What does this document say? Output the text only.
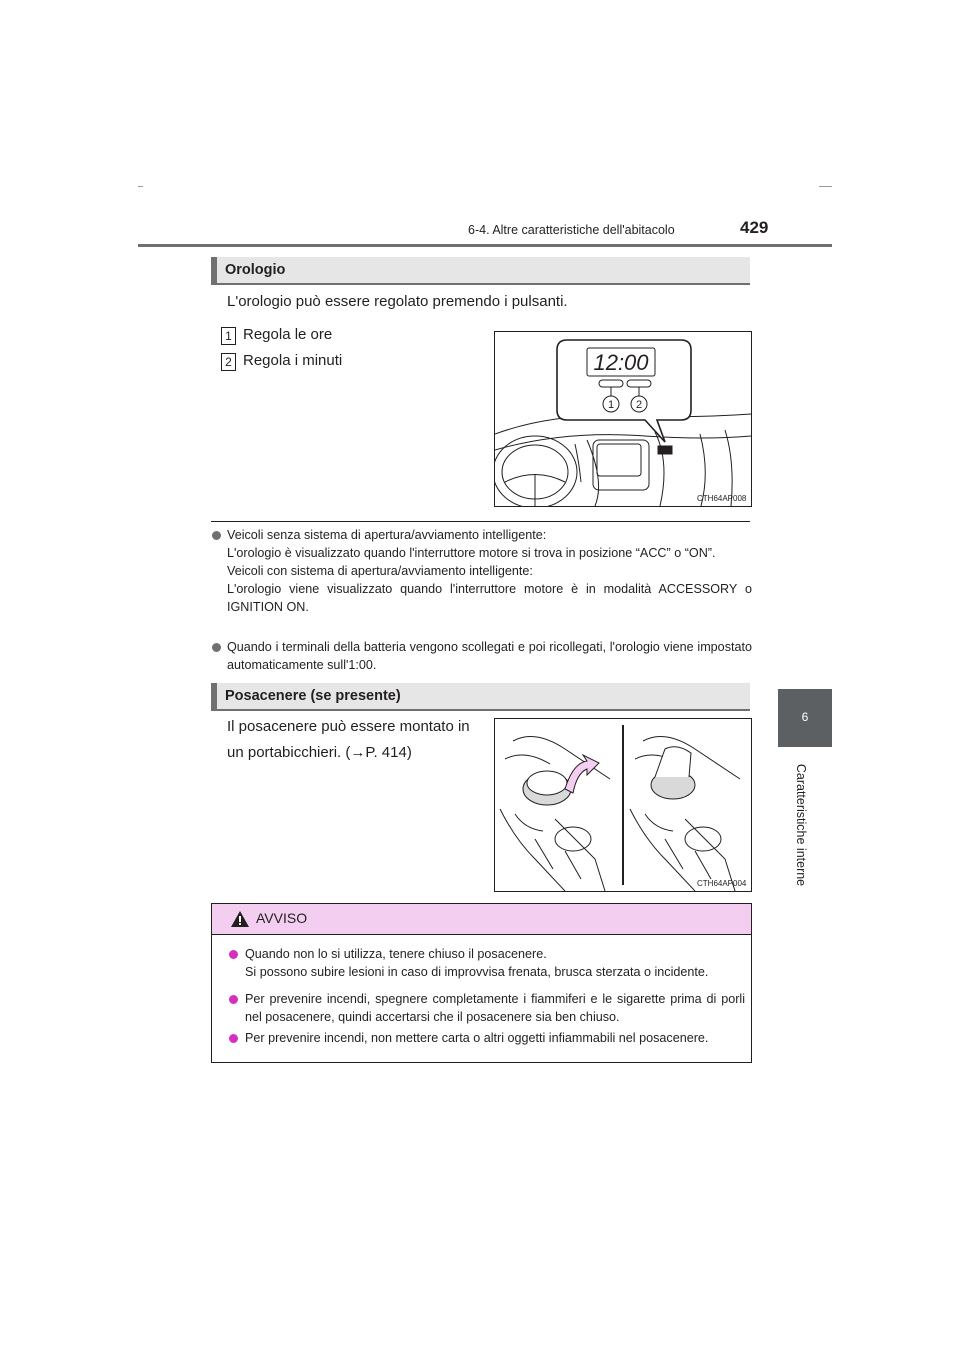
6-4. Altre caratteristiche dell'abitacolo	429
6
Caratteristiche interne
Orologio
L'orologio può essere regolato premendo i pulsanti.
1 Regola le ore
2 Regola i minuti	12:00
1 2
CTH64AP008
Veicoli senza sistema di apertura/avviamento intelligente:
L'orologio è visualizzato quando l'interruttore motore si trova in posizione “ACC” o “ON”.
Veicoli con sistema di apertura/avviamento intelligente:
L'orologio viene visualizzato quando l'interruttore motore è in modalità ACCESSORY o IGNITION ON.
Quando i terminali della batteria vengono scollegati e poi ricollegati, l'orologio viene impostato automaticamente sull'1:00.
Posacenere (se presente)
Il posacenere può essere montato in
un portabicchieri. (→P. 414)
CTH64AP004
AVVISO
Quando non lo si utilizza, tenere chiuso il posacenere.
Si possono subire lesioni in caso di improvvisa frenata, brusca sterzata o incidente.
Per prevenire incendi, spegnere completamente i fiammiferi e le sigarette prima di porli nel posacenere, quindi accertarsi che il posacenere sia ben chiuso.
Per prevenire incendi, non mettere carta o altri oggetti infiammabili nel posacenere.
